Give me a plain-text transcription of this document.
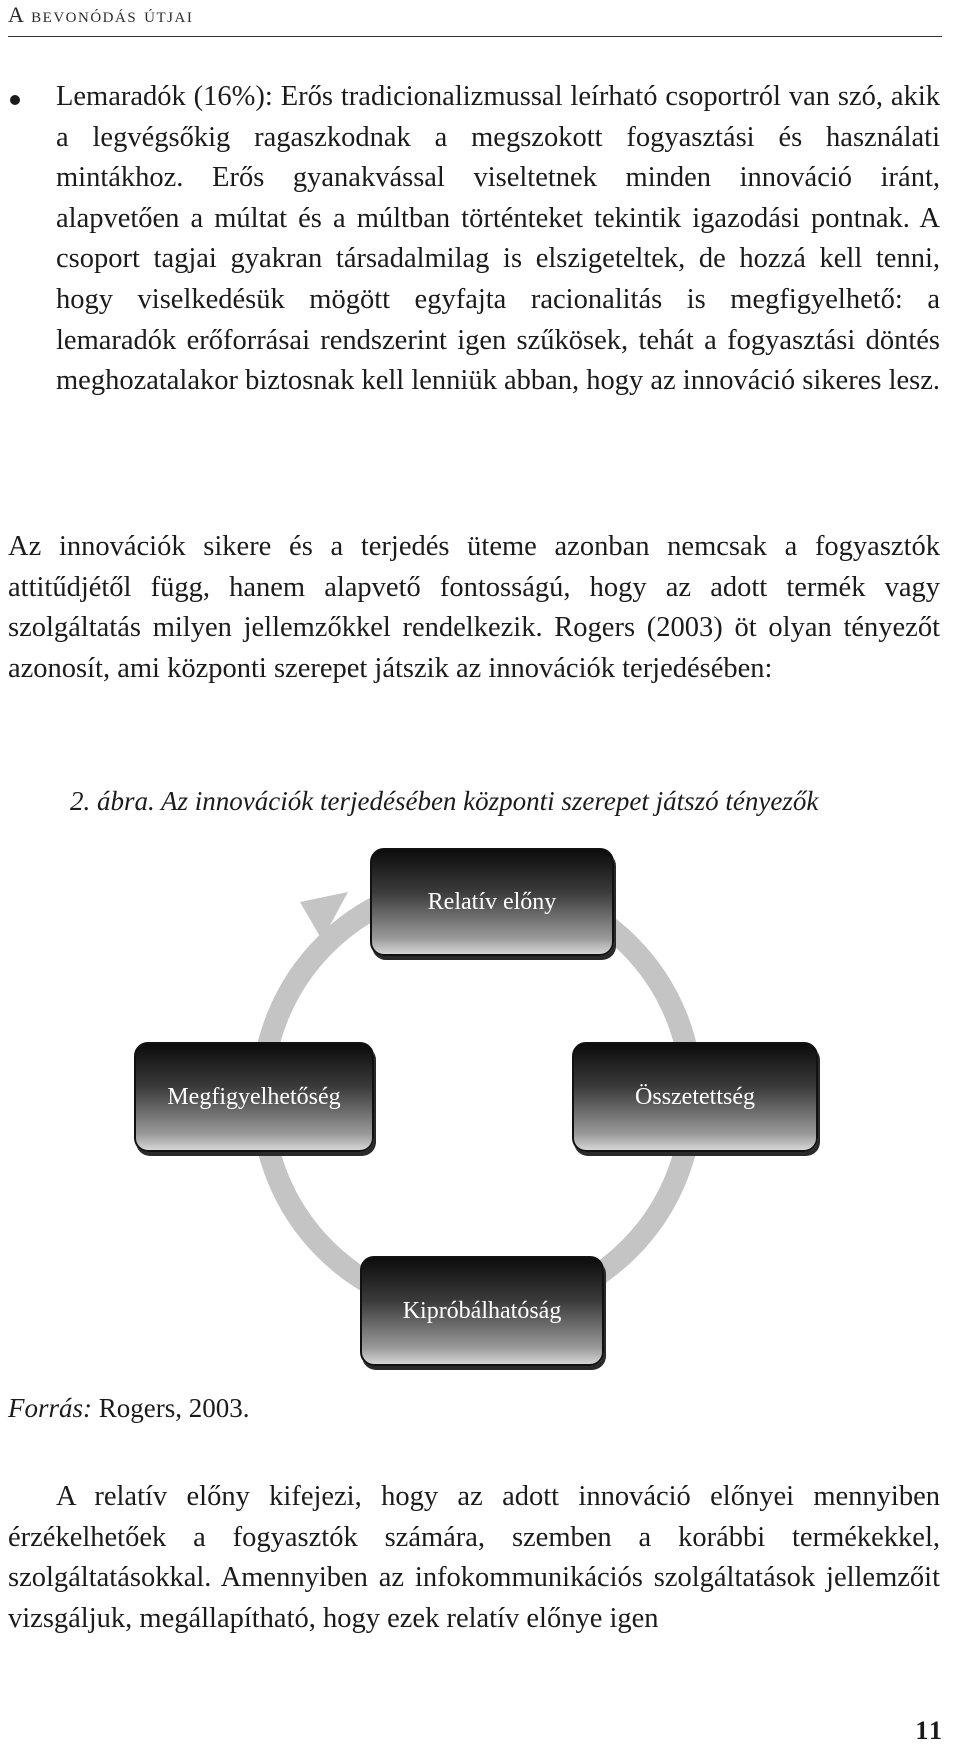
A bevonódás útjai

Lemaradók (16%): Erős tradicionalizmussal leírható csoportról van szó, akik a legvégsőkig ragaszkodnak a megszokott fogyasztási és használati mintákhoz. Erős gyanakvással viseltetnek minden innováció iránt, alapvetően a múltat és a múltban történteket tekintik igazodási pontnak. A csoport tagjai gyakran társadalmilag is elszigeteltek, de hozzá kell tenni, hogy viselkedésük mögött egyfajta racionalitás is megfigyelhető: a lemaradók erőforrásai rendszerint igen szűkösek, tehát a fogyasztási döntés meghozatalakor biztosnak kell lenniük abban, hogy az innováció sikeres lesz.

Az innovációk sikere és a terjedés üteme azonban nemcsak a fogyasztók attitűdjétől függ, hanem alapvető fontosságú, hogy az adott termék vagy szolgáltatás milyen jellemzőkkel rendelkezik. Rogers (2003) öt olyan tényezőt azonosít, ami központi szerepet játszik az innovációk terjedésében:

2. ábra. Az innovációk terjedésében központi szerepet játszó tényezők

Relatív előny
Megfigyelhetőség	Összetettség
Kipróbálhatóság

Forrás: Rogers, 2003.

A relatív előny kifejezi, hogy az adott innováció előnyei mennyiben érzékelhetőek a fogyasztók számára, szemben a korábbi termékekkel, szolgáltatásokkal. Amennyiben az infokommunikációs szolgáltatások jellemzőit vizsgáljuk, megállapítható, hogy ezek relatív előnye igen

11
